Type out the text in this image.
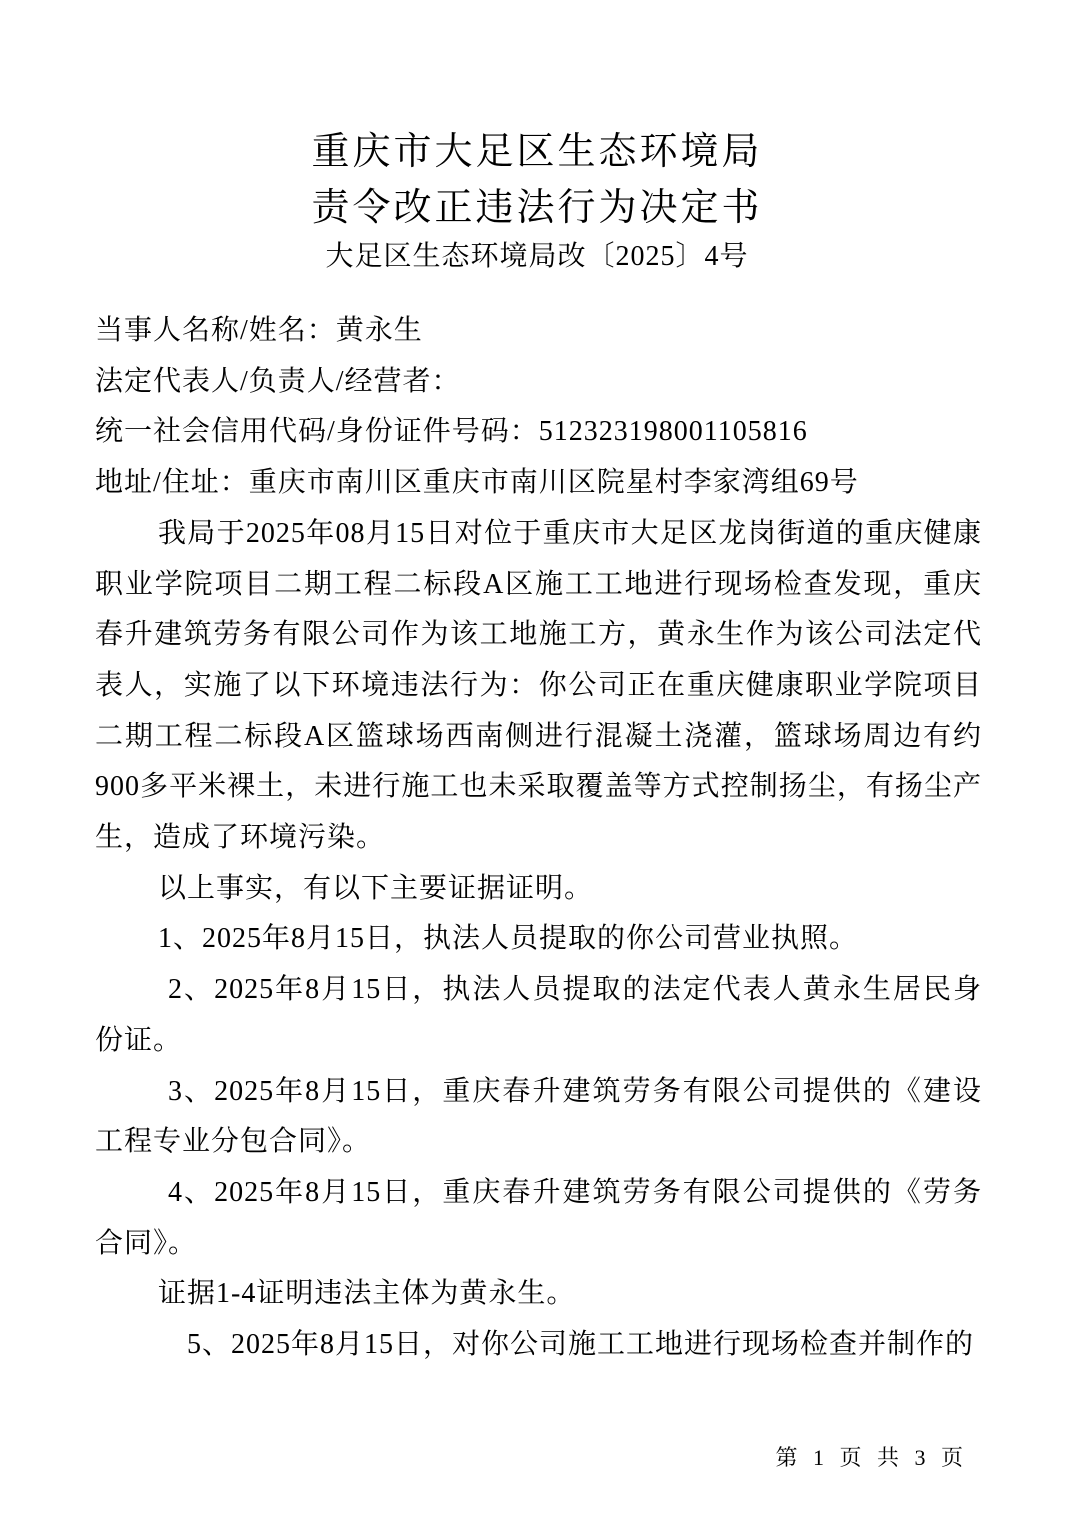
重庆市大足区生态环境局

责令改正违法行为决定书

大足区生态环境局改〔2025〕4号

当事人名称/姓名：黄永生

法定代表人/负责人/经营者：

统一社会信用代码/身份证件号码：512323198001105816

地址/住址：重庆市南川区重庆市南川区院星村李家湾组69号

我局于2025年08月15日对位于重庆市大足区龙岗街道的重庆健康职业学院项目二期工程二标段A区施工工地进行现场检查发现，重庆春升建筑劳务有限公司作为该工地施工方，黄永生作为该公司法定代表人，实施了以下环境违法行为：你公司正在重庆健康职业学院项目二期工程二标段A区篮球场西南侧进行混凝土浇灌，篮球场周边有约900多平米裸土，未进行施工也未采取覆盖等方式控制扬尘，有扬尘产生，造成了环境污染。

以上事实，有以下主要证据证明。

1、2025年8月15日，执法人员提取的你公司营业执照。

2、2025年8月15日，执法人员提取的法定代表人黄永生居民身份证。

3、2025年8月15日，重庆春升建筑劳务有限公司提供的《建设工程专业分包合同》。

4、2025年8月15日，重庆春升建筑劳务有限公司提供的《劳务合同》。

证据1-4证明违法主体为黄永生。

5、2025年8月15日，对你公司施工工地进行现场检查并制作的

第 1 页 共 3 页
